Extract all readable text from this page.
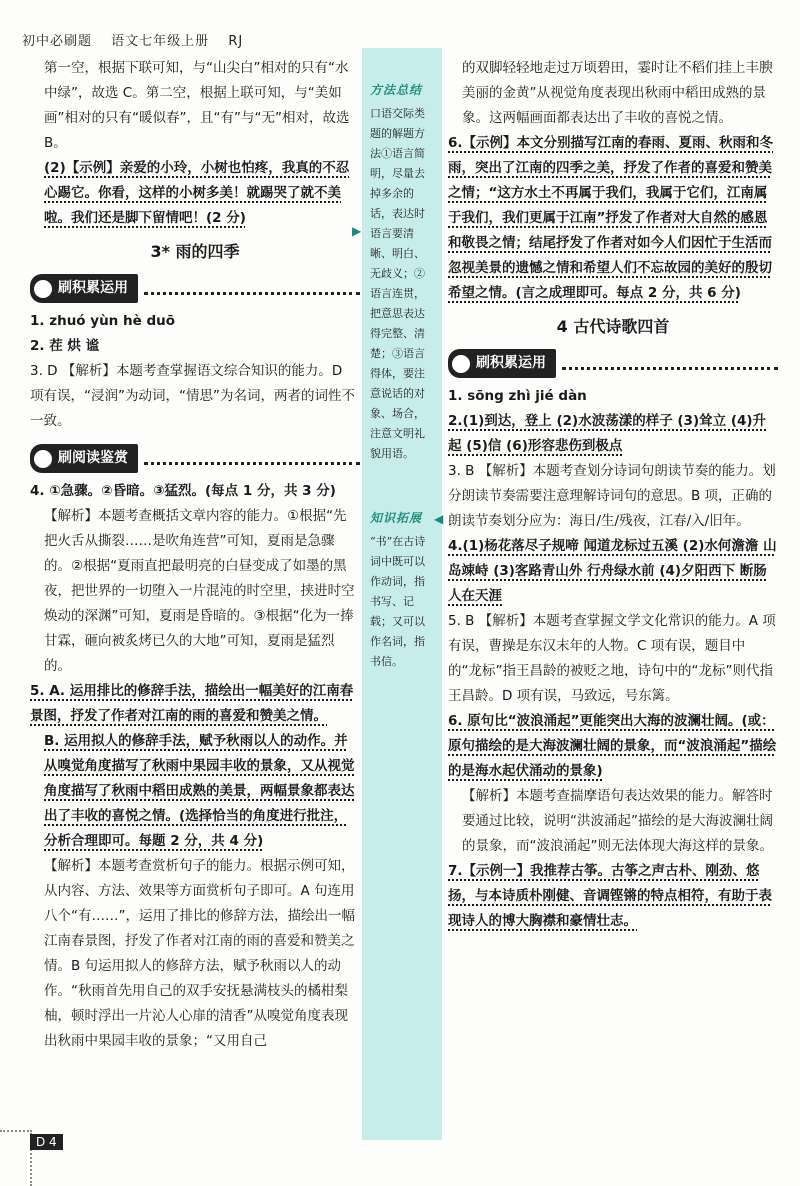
初中必刷题 语文七年级上册 RJ
方法总结
口语交际类题的解题方法①语言简明，尽量去掉多余的话，表达时语言要清晰、明白、无歧义；②语言连贯，把意思表达得完整、清楚；③语言得体，要注意说话的对象、场合，注意文明礼貌用语。
▶
知识拓展
“书”在古诗词中既可以作动词，指书写、记载；又可以作名词，指书信。
◀

第一空，根据下联可知，与“山尖白”相对的只有“水中绿”，故选 C。第二空，根据上联可知，与“美如画”相对的只有“暖似春”，且“有”与“无”相对，故选 B。

(2)【示例】亲爱的小玲，小树也怕疼，我真的不忍心踢它。你看，这样的小树多美！就踢哭了就不美啦。我们还是脚下留情吧！(2 分)

3* 雨的四季
刷积累运用

1. zhuó yùn hè duō

2. 茬 烘 谧

3. D 【解析】本题考查掌握语文综合知识的能力。D 项有误，“浸润”为动词，“情思”为名词，两者的词性不一致。

刷阅读鉴赏

4. ①急骤。②昏暗。③猛烈。(每点 1 分，共 3 分)

【解析】本题考查概括文章内容的能力。①根据“先把火舌从撕裂……是吹角连营”可知，夏雨是急骤的。②根据“夏雨直把最明亮的白昼变成了如墨的黑夜，把世界的一切堕入一片混沌的时空里，挟进时空焕动的深渊”可知，夏雨是昏暗的。③根据“化为一捧甘霖，砸向被炙烤已久的大地”可知，夏雨是猛烈的。

5. A. 运用排比的修辞手法，描绘出一幅美好的江南春景图，抒发了作者对江南的雨的喜爱和赞美之情。

B. 运用拟人的修辞手法，赋予秋雨以人的动作。并从嗅觉角度描写了秋雨中果园丰收的景象，又从视觉角度描写了秋雨中稻田成熟的美景，两幅景象都表达出了丰收的喜悦之情。(选择恰当的角度进行批注，分析合理即可。每题 2 分，共 4 分)

【解析】本题考查赏析句子的能力。根据示例可知，从内容、方法、效果等方面赏析句子即可。A 句连用八个“有……”，运用了排比的修辞方法，描绘出一幅江南春景图，抒发了作者对江南的雨的喜爱和赞美之情。B 句运用拟人的修辞方法，赋予秋雨以人的动作。“秋雨首先用自己的双手安抚悬满枝头的橘柑梨柚，顿时浮出一片沁人心扉的清香”从嗅觉角度表现出秋雨中果园丰收的景象；“又用自己

的双脚轻轻地走过万顷碧田，霎时让不稻们挂上丰腴美丽的金黄”从视觉角度表现出秋雨中稻田成熟的景象。这两幅画面都表达出了丰收的喜悦之情。

6.【示例】本文分别描写江南的春雨、夏雨、秋雨和冬雨，突出了江南的四季之美，抒发了作者的喜爱和赞美之情；“这方水土不再属于我们，我属于它们，江南属于我们，我们更属于江南”抒发了作者对大自然的感恩和敬畏之情；结尾抒发了作者对如今人们因忙于生活而忽视美景的遗憾之情和希望人们不忘故园的美好的殷切希望之情。(言之成理即可。每点 2 分，共 6 分)

4 古代诗歌四首
刷积累运用

1. sōng zhì jié dàn

2.(1)到达，登上 (2)水波荡漾的样子 (3)耸立 (4)升起 (5)信 (6)形容悲伤到极点

3. B 【解析】本题考查划分诗词句朗读节奏的能力。划分朗读节奏需要注意理解诗词句的意思。B 项，正确的朗读节奏划分应为：海日/生/残夜，江春/入/旧年。

4.(1)杨花落尽子规啼 闻道龙标过五溪 (2)水何澹澹 山岛竦峙 (3)客路青山外 行舟绿水前 (4)夕阳西下 断肠人在天涯

5. B 【解析】本题考查掌握文学文化常识的能力。A 项有误，曹操是东汉末年的人物。C 项有误，题目中的“龙标”指王昌龄的被贬之地，诗句中的“龙标”则代指王昌龄。D 项有误，马致远，号东篱。

6. 原句比“波浪涌起”更能突出大海的波澜壮阔。(或：原句描绘的是大海波澜壮阔的景象，而“波浪涌起”描绘的是海水起伏涌动的景象)

【解析】本题考查揣摩语句表达效果的能力。解答时要通过比较，说明“洪波涌起”描绘的是大海波澜壮阔的景象，而“波浪涌起”则无法体现大海这样的景象。

7.【示例一】我推荐古筝。古筝之声古朴、刚劲、悠扬，与本诗质朴刚健、音调铿锵的特点相符，有助于表现诗人的博大胸襟和豪情壮志。

D 4
